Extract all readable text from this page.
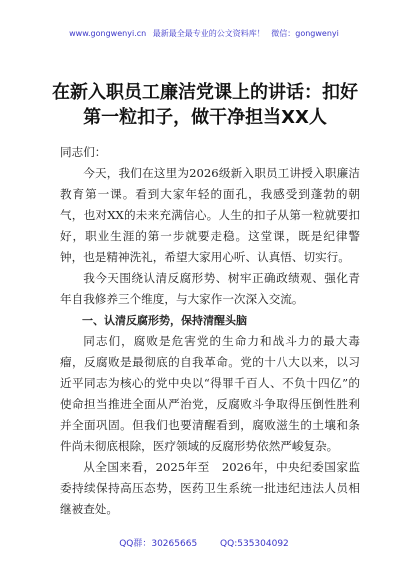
www.gongwenyi.cn 最新最全最专业的公文资料库！ 微信：gongwenyi
在新入职员工廉洁党课上的讲话：扣好第一粒扣子，做干净担当XX人

同志们：

今天，我们在这里为2026级新入职员工讲授入职廉洁教育第一课。看到大家年轻的面孔，我感受到蓬勃的朝气，也对XX的未来充满信心。人生的扣子从第一粒就要扣好，职业生涯的第一步就要走稳。这堂课，既是纪律警钟，也是精神洗礼，希望大家用心听、认真悟、切实行。

我今天围绕认清反腐形势、树牢正确政绩观、强化青年自我修养三个维度，与大家作一次深入交流。

一、认清反腐形势，保持清醒头脑

同志们，腐败是危害党的生命力和战斗力的最大毒瘤，反腐败是最彻底的自我革命。党的十八大以来，以习近平同志为核心的党中央以“得罪千百人、不负十四亿”的使命担当推进全面从严治党，反腐败斗争取得压倒性胜利并全面巩固。但我们也要清醒看到，腐败滋生的土壤和条件尚未彻底根除，医疗领域的反腐形势依然严峻复杂。

从全国来看，2025年至　2026年，中央纪委国家监委持续保持高压态势，医药卫生系统一批违纪违法人员相继被查处。

QQ群：30265665	QQ:535304092
